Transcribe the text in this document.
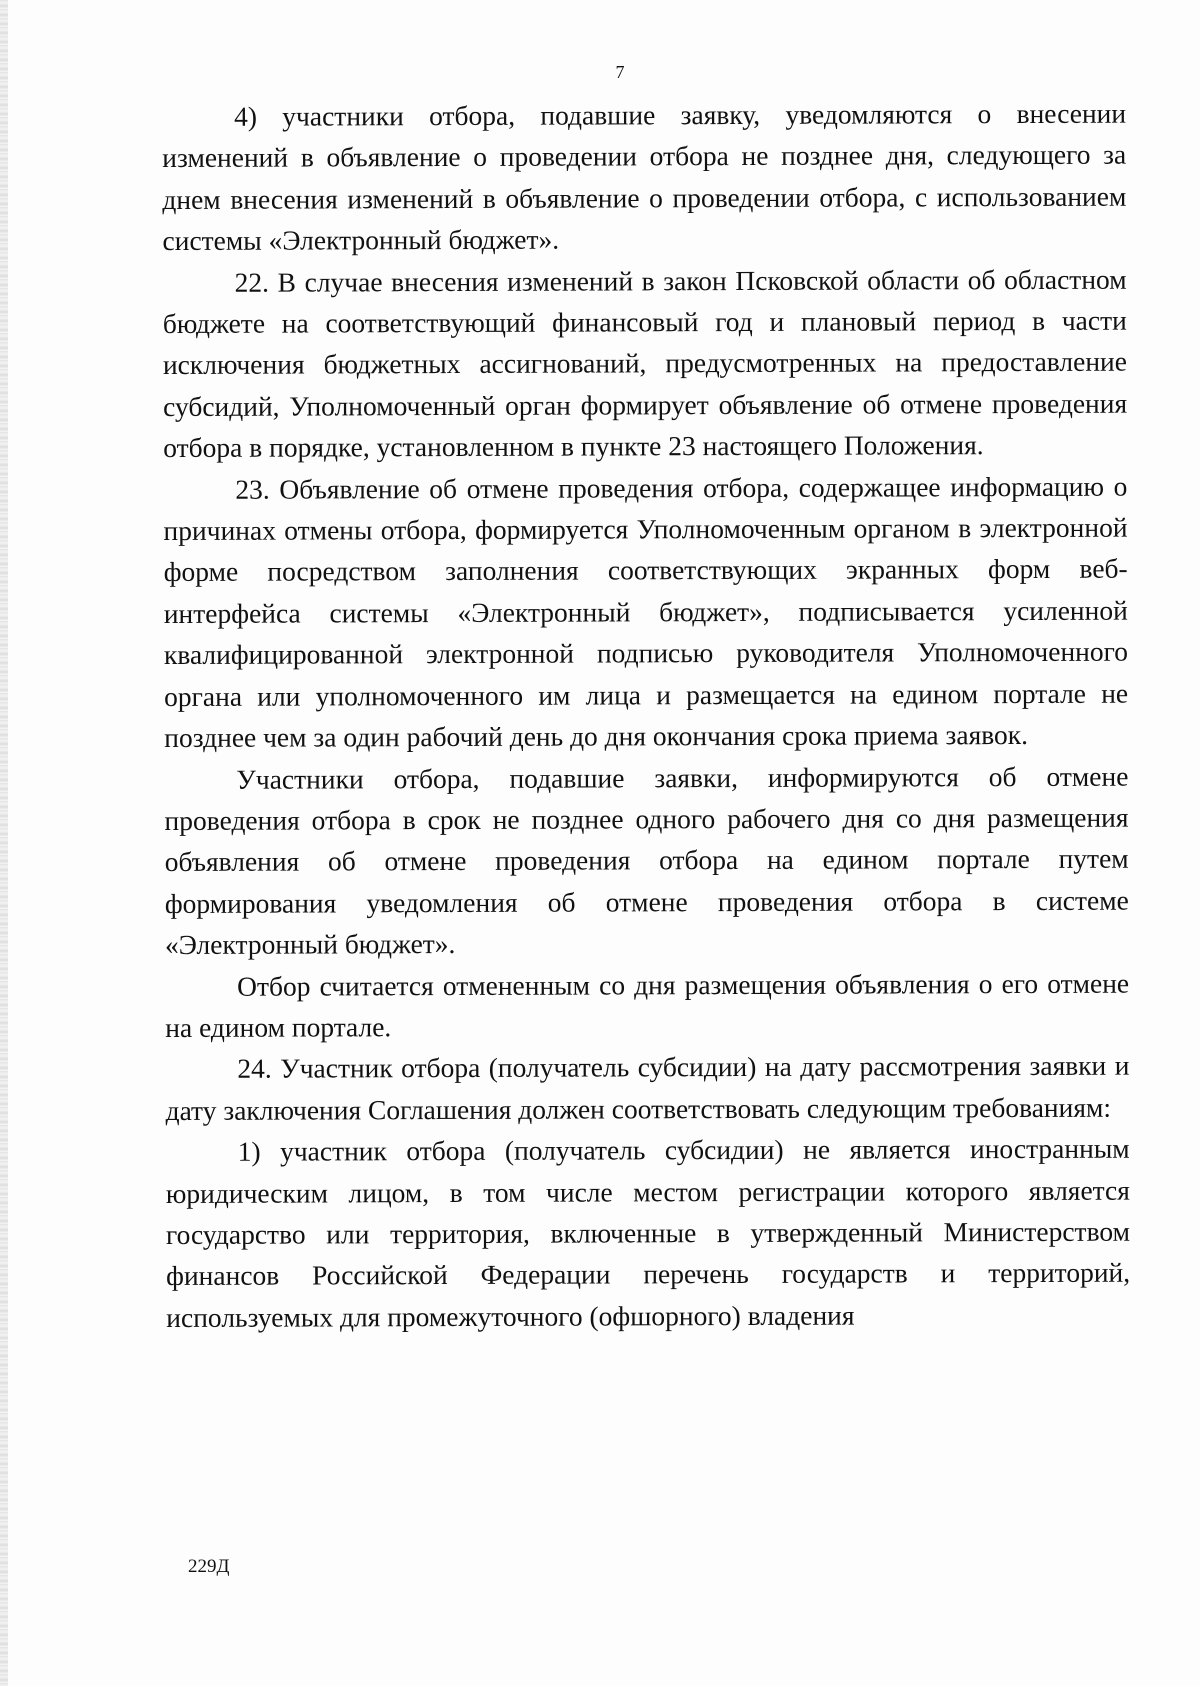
7

4) участники отбора, подавшие заявку, уведомляются о внесении изменений в объявление о проведении отбора не позднее дня, следующего за днем внесения изменений в объявление о проведении отбора, с использованием системы «Электронный бюджет».

22. В случае внесения изменений в закон Псковской области об областном бюджете на соответствующий финансовый год и плановый период в части исключения бюджетных ассигнований, предусмотренных на предоставление субсидий, Уполномоченный орган формирует объявление об отмене проведения отбора в порядке, установленном в пункте 23 настоящего Положения.

23. Объявление об отмене проведения отбора, содержащее информацию о причинах отмены отбора, формируется Уполномоченным органом в электронной форме посредством заполнения соответствующих экранных форм веб-интерфейса системы «Электронный бюджет», подписывается усиленной квалифицированной электронной подписью руководителя Уполномоченного органа или уполномоченного им лица и размещается на едином портале не позднее чем за один рабочий день до дня окончания срока приема заявок.

Участники отбора, подавшие заявки, информируются об отмене проведения отбора в срок не позднее одного рабочего дня со дня размещения объявления об отмене проведения отбора на едином портале путем формирования уведомления об отмене проведения отбора в системе «Электронный бюджет».

Отбор считается отмененным со дня размещения объявления о его отмене на едином портале.

24. Участник отбора (получатель субсидии) на дату рассмотрения заявки и дату заключения Соглашения должен соответствовать следующим требованиям:

1) участник отбора (получатель субсидии) не является иностранным юридическим лицом, в том числе местом регистрации которого является государство или территория, включенные в утвержденный Министерством финансов Российской Федерации перечень государств и территорий, используемых для промежуточного (офшорного) владения

229Д
